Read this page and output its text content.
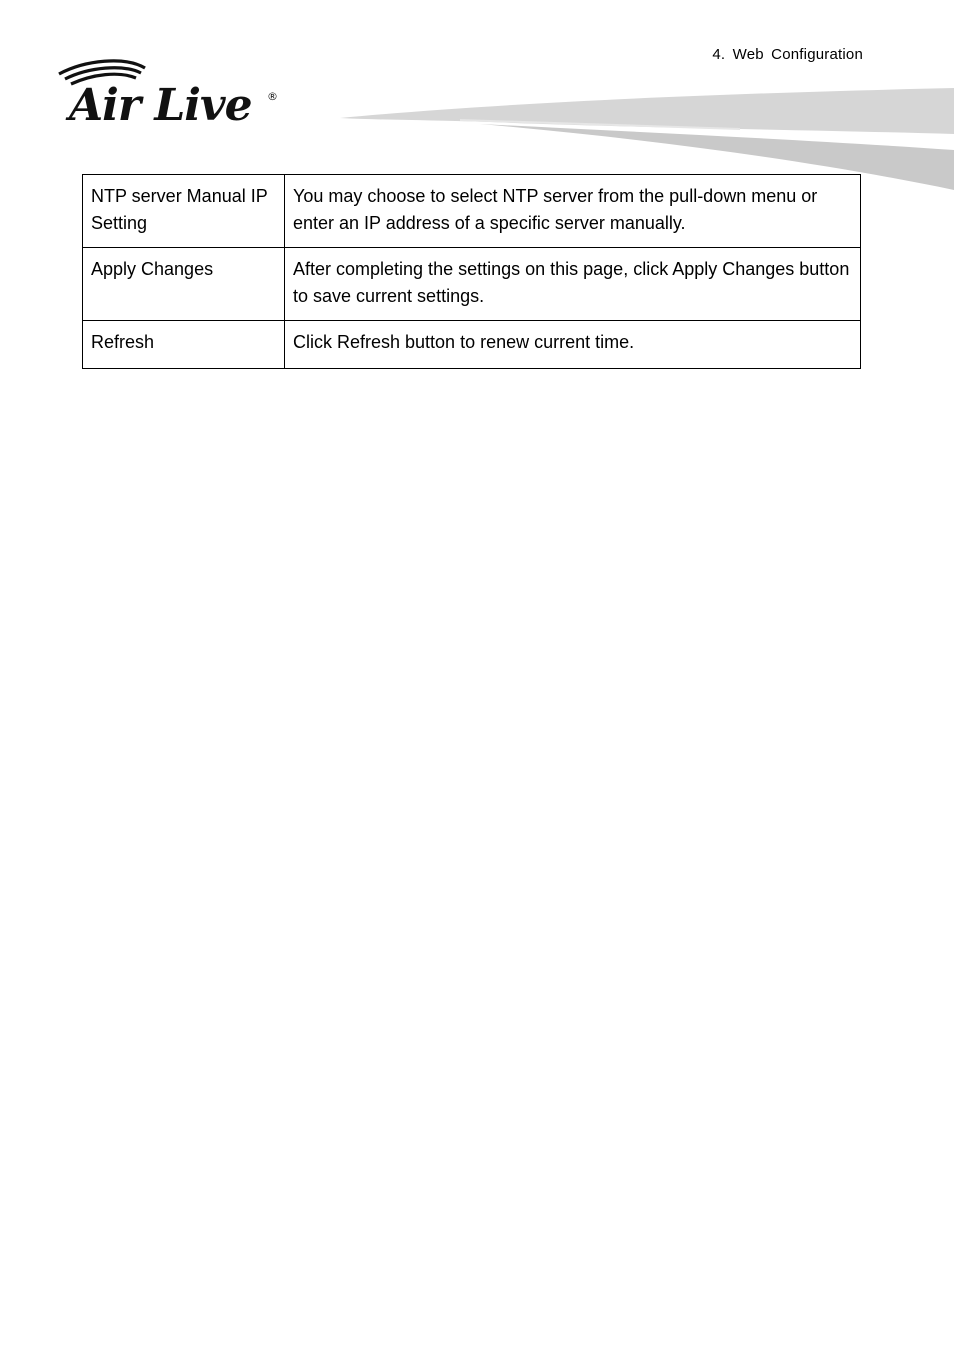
4. Web Configuration
Air Live ®
NTP server Manual IP Setting	You may choose to select NTP server from the pull-down menu or enter an IP address of a specific server manually.
Apply Changes	After completing the settings on this page, click Apply Changes button to save current settings.
Refresh	Click Refresh button to renew current time.
